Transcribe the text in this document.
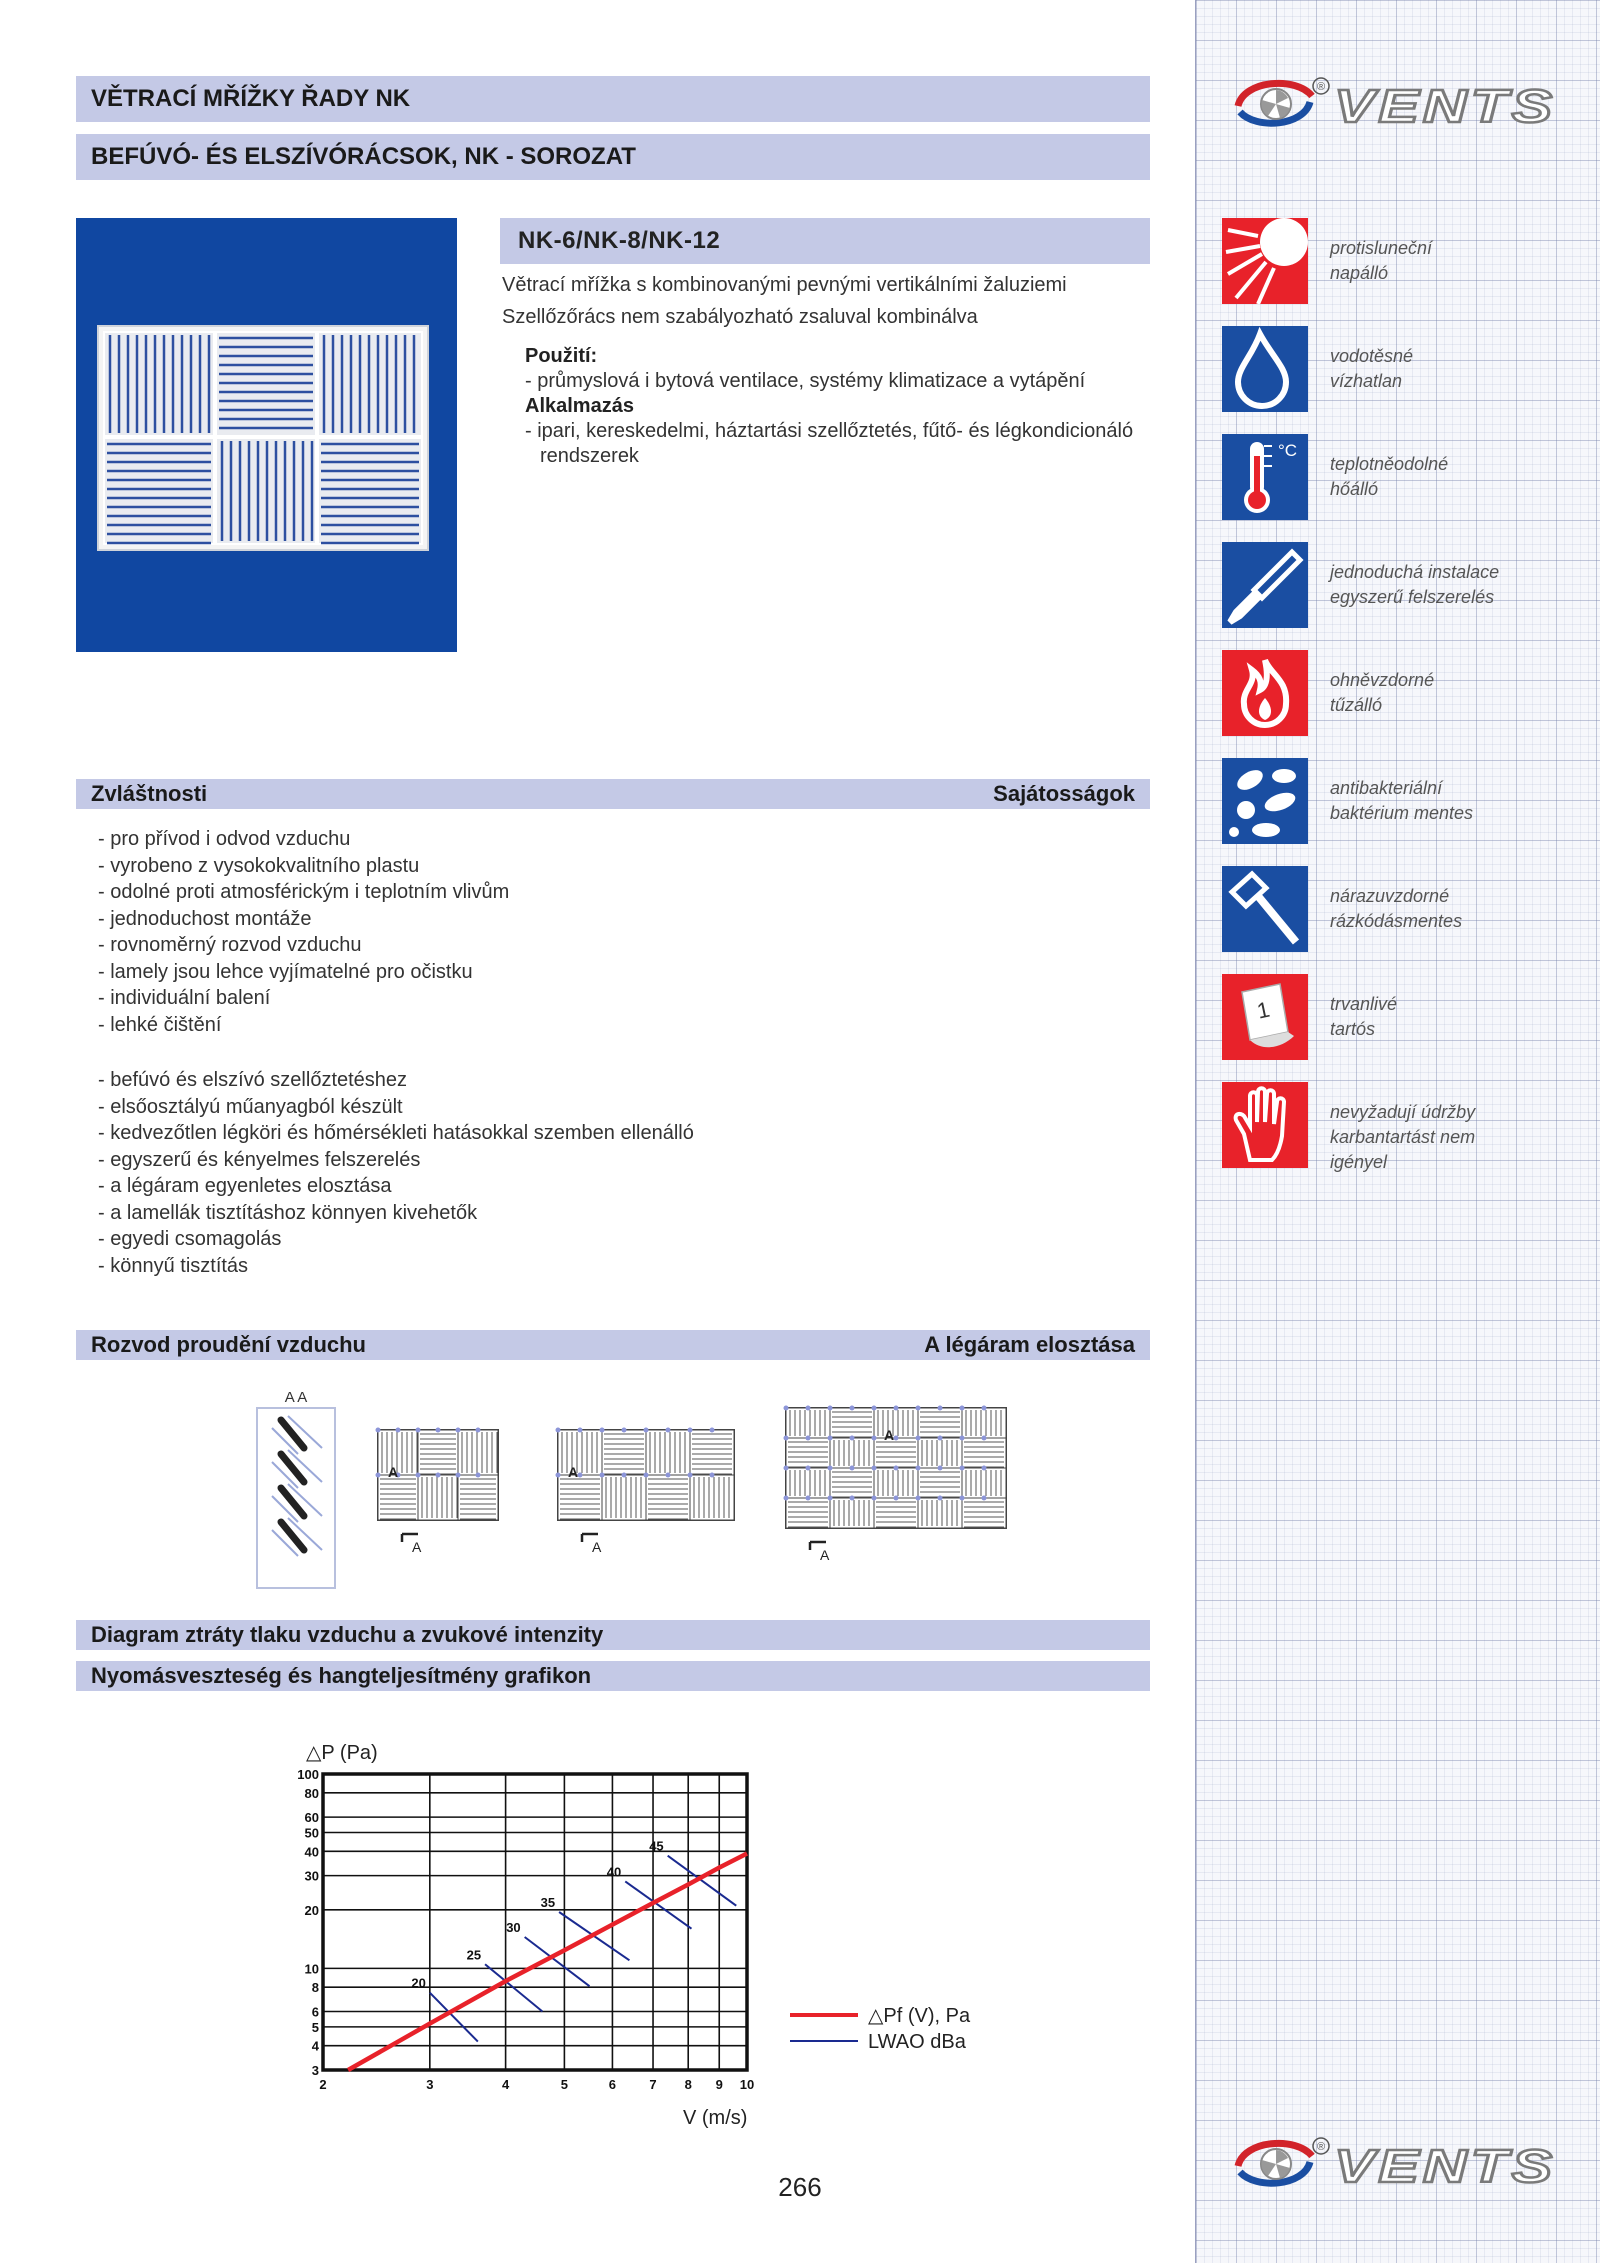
® VENTS
® VENTS
protisluneční
napálló
vodotěsné
vízhatlan
°C
teplotněodolné
hőálló
jednoduchá instalace
egyszerű felszerelés
ohněvzdorné
tűzálló
antibakteriální
baktérium mentes
nárazuvzdorné
rázkódásmentes
1	trvanlivé
tartós
nevyžadují údržby
karbantartást nem
igényel
VĚTRACÍ MŘÍŽKY ŘADY NK
BEFÚVÓ- ÉS ELSZÍVÓRÁCSOK, NK - SOROZAT
NK-6/NK-8/NK-12
Větrací mřížka s kombinovanými pevnými vertikálními žaluziemi
Szellőzőrács nem szabályozható zsaluval kombinálva
Použití:
- průmyslová i bytová ventilace, systémy klimatizace a vytápění
Alkalmazás
- ipari, kereskedelmi, háztartási szellőztetés, fűtő- és légkondicionáló rendszerek
Zvláštnosti	Sajátosságok
- pro přívod i odvod vzduchu
- vyrobeno z vysokokvalitního plastu
- odolné proti atmosférickým i teplotním vlivům
- jednoduchost montáže
- rovnoměrný rozvod vzduchu
- lamely jsou lehce vyjímatelné pro očistku
- individuální balení
- lehké čištění
- befúvó és elszívó szellőztetéshez
- elsőosztályú műanyagból készült
- kedvezőtlen légköri és hőmérsékleti hatásokkal szemben ellenálló
- egyszerű és kényelmes felszerelés
- a légáram egyenletes elosztása
- a lamellák tisztításhoz könnyen kivehetők
- egyedi csomagolás
- könnyű tisztítás
Rozvod proudění vzduchu	A légáram elosztása
A A
A
A
A
A
A
A
Diagram ztráty tlaku vzduchu a zvukové intenzity
Nyomásveszteség és hangteljesítmény grafikon
△P (Pa)
V (m/s)
3
4
5
6
8
10
20
30
40
50
60
80
100
2	3	4	5	6	7 8 9 10
20
25
30
35
40
45
△Pf (V), Pa
LWAO dBa
266
